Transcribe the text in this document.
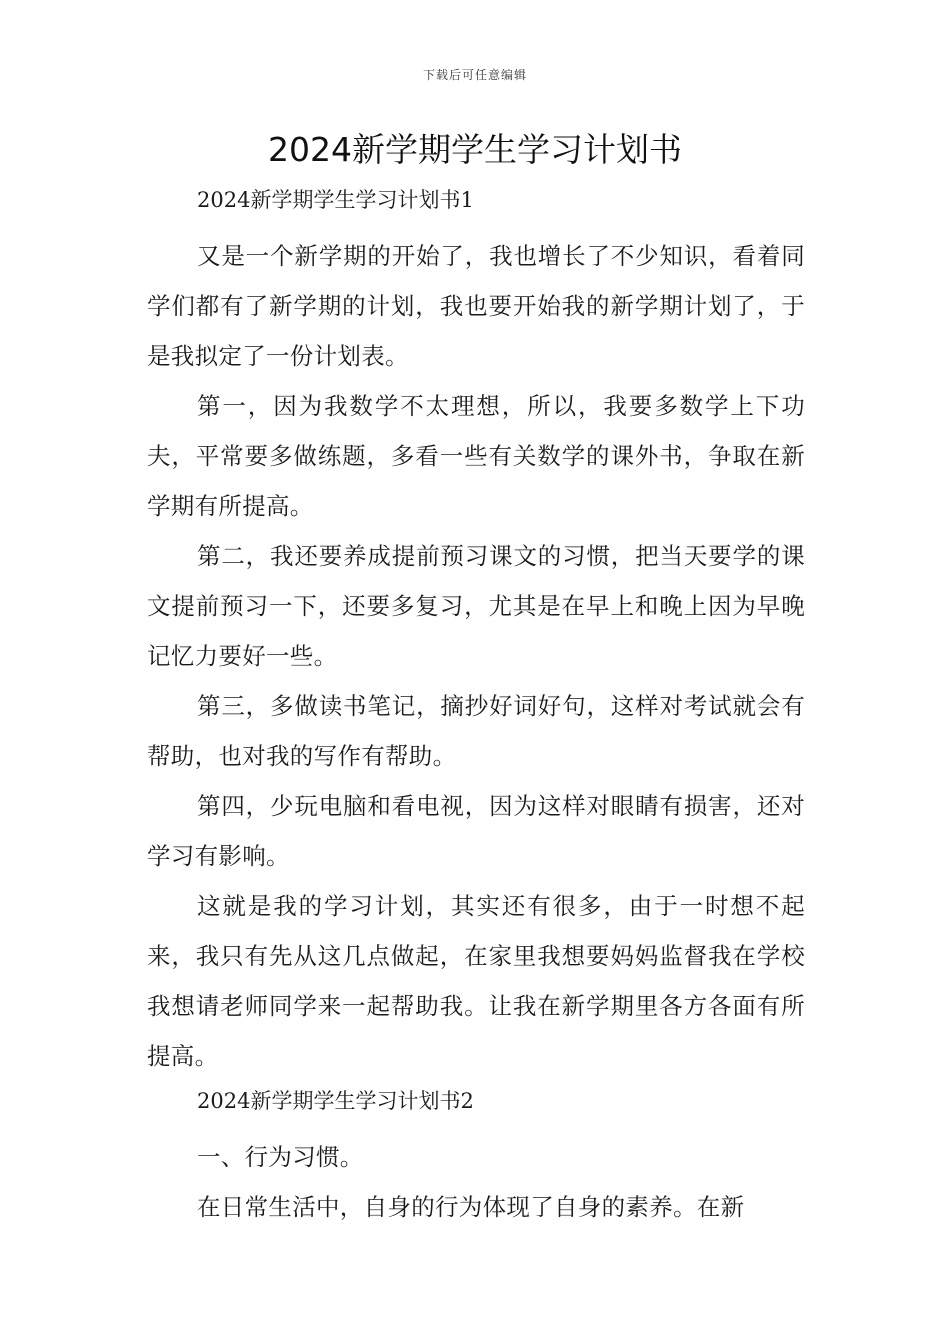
下载后可任意编辑
2024新学期学生学习计划书

2024新学期学生学习计划书1

又是一个新学期的开始了，我也增长了不少知识，看着同学们都有了新学期的计划，我也要开始我的新学期计划了，于是我拟定了一份计划表。

第一，因为我数学不太理想，所以，我要多数学上下功夫，平常要多做练题，多看一些有关数学的课外书，争取在新学期有所提高。

第二，我还要养成提前预习课文的习惯，把当天要学的课文提前预习一下，还要多复习，尤其是在早上和晚上因为早晚记忆力要好一些。

第三，多做读书笔记，摘抄好词好句，这样对考试就会有帮助，也对我的写作有帮助。

第四，少玩电脑和看电视，因为这样对眼睛有损害，还对学习有影响。

这就是我的学习计划，其实还有很多，由于一时想不起来，我只有先从这几点做起，在家里我想要妈妈监督我在学校我想请老师同学来一起帮助我。让我在新学期里各方各面有所提高。

2024新学期学生学习计划书2

一、行为习惯。

在日常生活中，自身的行为体现了自身的素养。在新
